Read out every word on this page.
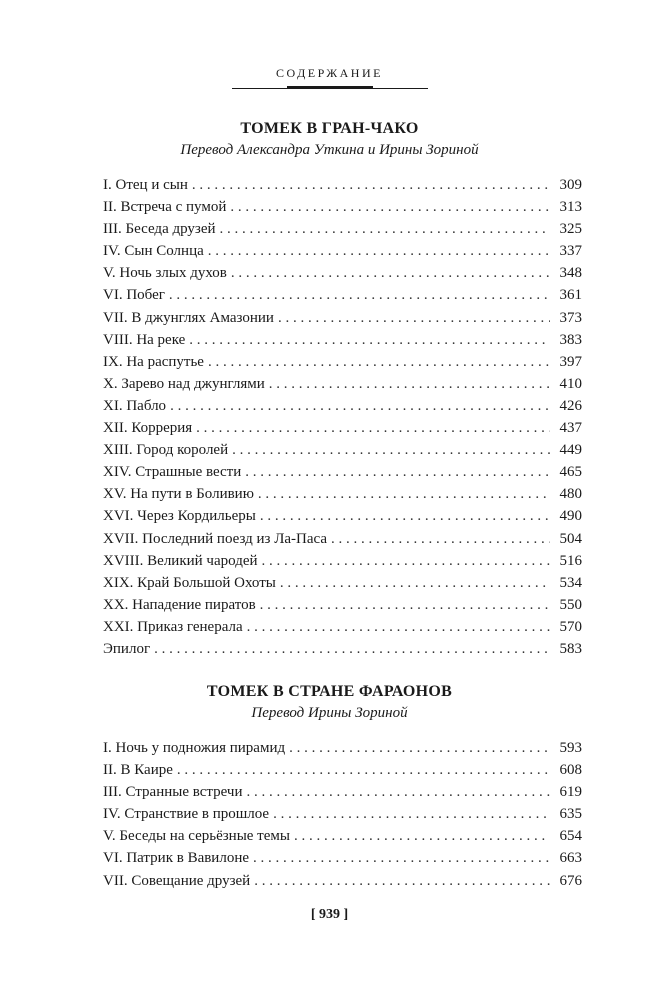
СОДЕРЖАНИЕ
ТОМЕК В ГРАН-ЧАКО
Перевод Александра Уткина и Ирины Зориной
I. Отец и сын . . .	309
II. Встреча с пумой . . .	313
III. Беседа друзей . . .	325
IV. Сын Солнца . . .	337
V. Ночь злых духов . . .	348
VI. Побег . . .	361
VII. В джунглях Амазонии . . .	373
VIII. На реке . . .	383
IX. На распутье . . .	397
X. Зарево над джунглями . . .	410
XI. Пабло . . .	426
XII. Коррерия . . .	437
XIII. Город королей . . .	449
XIV. Страшные вести . . .	465
XV. На пути в Боливию . . .	480
XVI. Через Кордильеры . . .	490
XVII. Последний поезд из Ла-Паса . . .	504
XVIII. Великий чародей . . .	516
XIX. Край Большой Охоты . . .	534
XX. Нападение пиратов . . .	550
XXI. Приказ генерала . . .	570
Эпилог . . .	583
ТОМЕК В СТРАНЕ ФАРАОНОВ
Перевод Ирины Зориной
I. Ночь у подножия пирамид . . .	593
II. В Каире . . .	608
III. Странные встречи . . .	619
IV. Странствие в прошлое . . .	635
V. Беседы на серьёзные темы . . .	654
VI. Патрик в Вавилоне . . .	663
VII. Совещание друзей . . .	676
[ 939 ]
